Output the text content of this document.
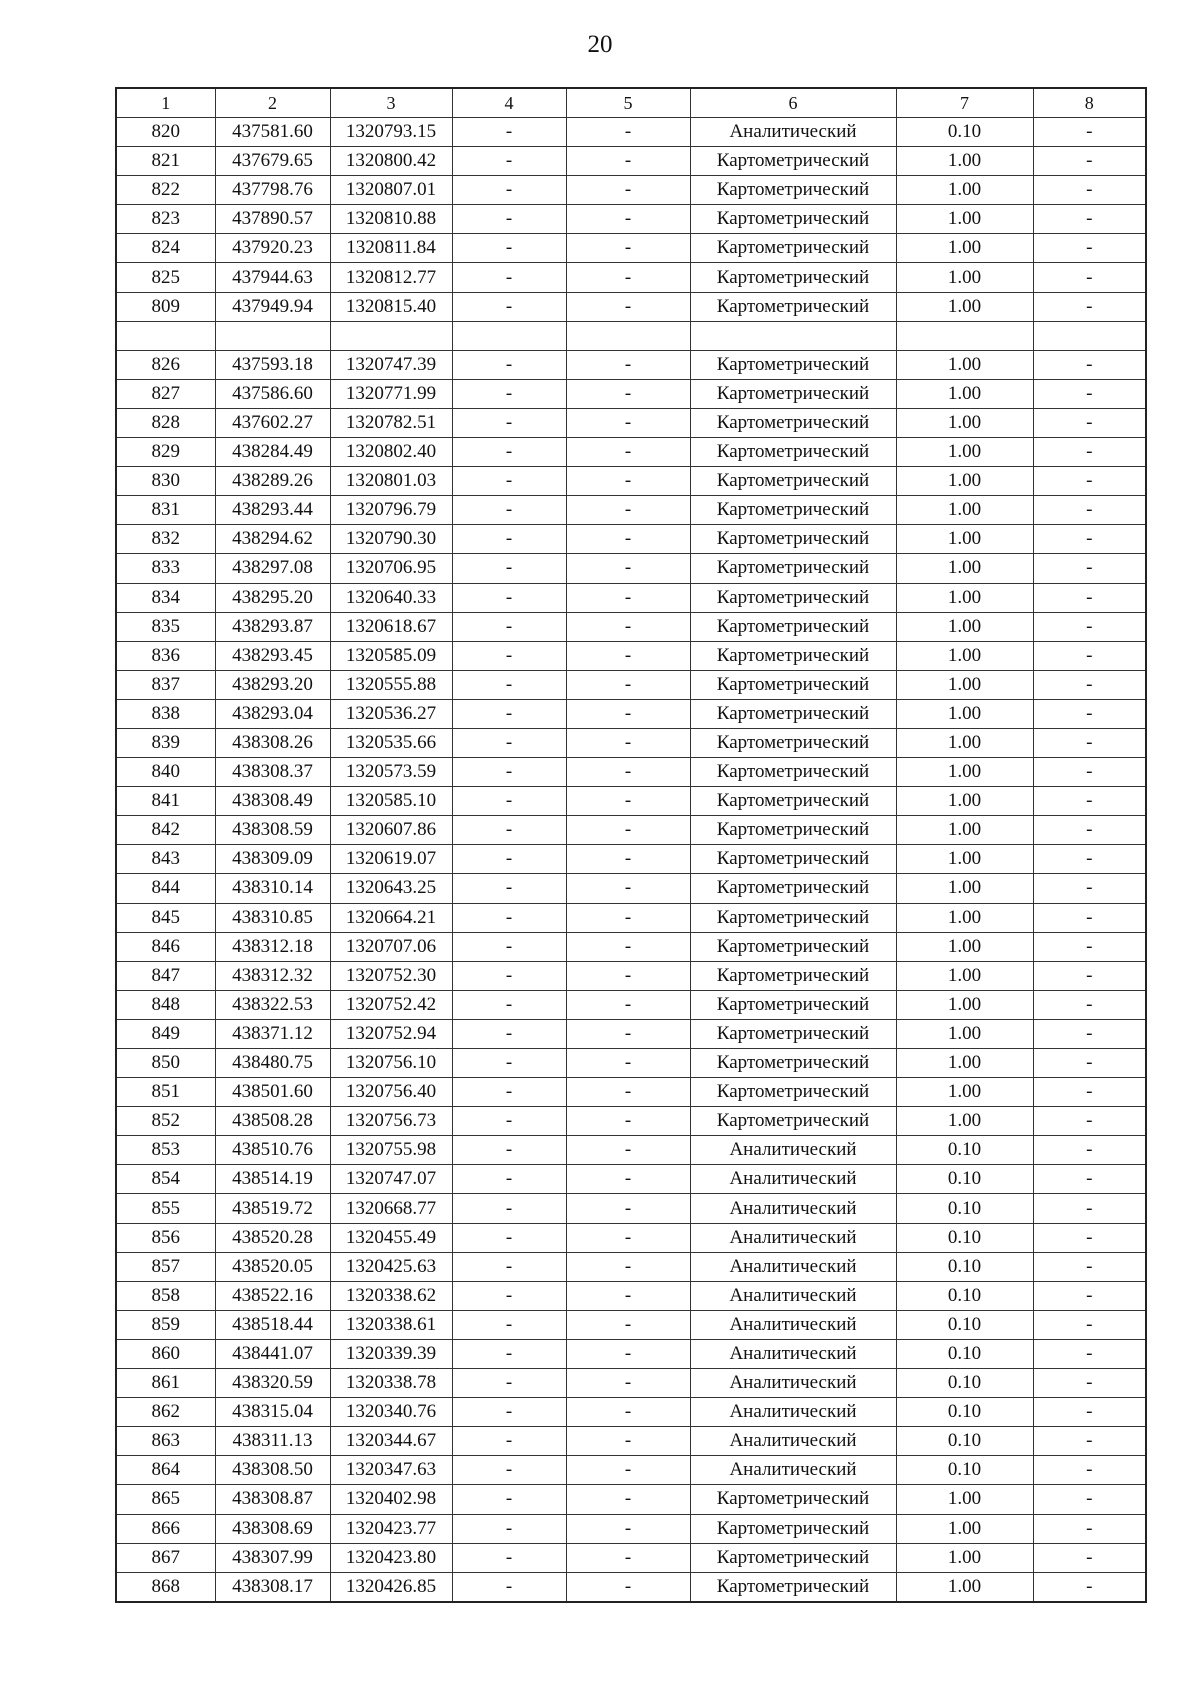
20
1	2	3	4	5	6	7	8
820	437581.60	1320793.15	-	-	Аналитический	0.10	-
821	437679.65	1320800.42	-	-	Картометрический	1.00	-
822	437798.76	1320807.01	-	-	Картометрический	1.00	-
823	437890.57	1320810.88	-	-	Картометрический	1.00	-
824	437920.23	1320811.84	-	-	Картометрический	1.00	-
825	437944.63	1320812.77	-	-	Картометрический	1.00	-
809	437949.94	1320815.40	-	-	Картометрический	1.00	-

826	437593.18	1320747.39	-	-	Картометрический	1.00	-
827	437586.60	1320771.99	-	-	Картометрический	1.00	-
828	437602.27	1320782.51	-	-	Картометрический	1.00	-
829	438284.49	1320802.40	-	-	Картометрический	1.00	-
830	438289.26	1320801.03	-	-	Картометрический	1.00	-
831	438293.44	1320796.79	-	-	Картометрический	1.00	-
832	438294.62	1320790.30	-	-	Картометрический	1.00	-
833	438297.08	1320706.95	-	-	Картометрический	1.00	-
834	438295.20	1320640.33	-	-	Картометрический	1.00	-
835	438293.87	1320618.67	-	-	Картометрический	1.00	-
836	438293.45	1320585.09	-	-	Картометрический	1.00	-
837	438293.20	1320555.88	-	-	Картометрический	1.00	-
838	438293.04	1320536.27	-	-	Картометрический	1.00	-
839	438308.26	1320535.66	-	-	Картометрический	1.00	-
840	438308.37	1320573.59	-	-	Картометрический	1.00	-
841	438308.49	1320585.10	-	-	Картометрический	1.00	-
842	438308.59	1320607.86	-	-	Картометрический	1.00	-
843	438309.09	1320619.07	-	-	Картометрический	1.00	-
844	438310.14	1320643.25	-	-	Картометрический	1.00	-
845	438310.85	1320664.21	-	-	Картометрический	1.00	-
846	438312.18	1320707.06	-	-	Картометрический	1.00	-
847	438312.32	1320752.30	-	-	Картометрический	1.00	-
848	438322.53	1320752.42	-	-	Картометрический	1.00	-
849	438371.12	1320752.94	-	-	Картометрический	1.00	-
850	438480.75	1320756.10	-	-	Картометрический	1.00	-
851	438501.60	1320756.40	-	-	Картометрический	1.00	-
852	438508.28	1320756.73	-	-	Картометрический	1.00	-
853	438510.76	1320755.98	-	-	Аналитический	0.10	-
854	438514.19	1320747.07	-	-	Аналитический	0.10	-
855	438519.72	1320668.77	-	-	Аналитический	0.10	-
856	438520.28	1320455.49	-	-	Аналитический	0.10	-
857	438520.05	1320425.63	-	-	Аналитический	0.10	-
858	438522.16	1320338.62	-	-	Аналитический	0.10	-
859	438518.44	1320338.61	-	-	Аналитический	0.10	-
860	438441.07	1320339.39	-	-	Аналитический	0.10	-
861	438320.59	1320338.78	-	-	Аналитический	0.10	-
862	438315.04	1320340.76	-	-	Аналитический	0.10	-
863	438311.13	1320344.67	-	-	Аналитический	0.10	-
864	438308.50	1320347.63	-	-	Аналитический	0.10	-
865	438308.87	1320402.98	-	-	Картометрический	1.00	-
866	438308.69	1320423.77	-	-	Картометрический	1.00	-
867	438307.99	1320423.80	-	-	Картометрический	1.00	-
868	438308.17	1320426.85	-	-	Картометрический	1.00	-
